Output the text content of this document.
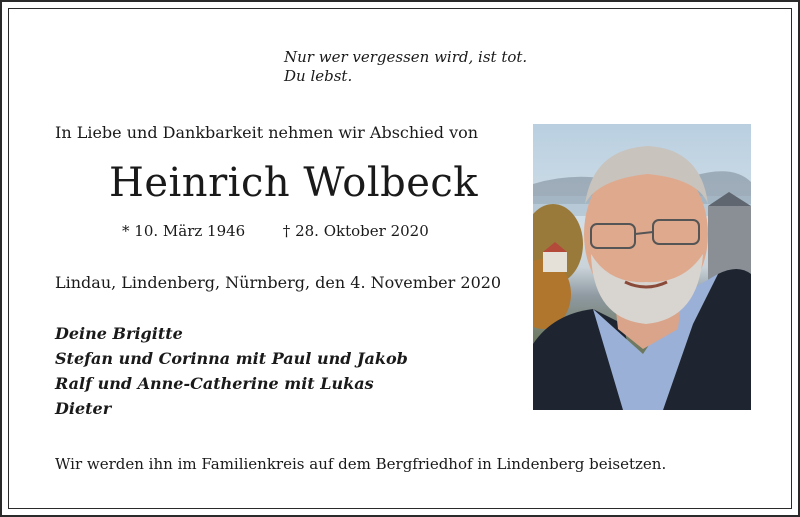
Nur wer vergessen wird, ist tot.
Du lebst.
In Liebe und Dankbarkeit nehmen wir Abschied von
Heinrich Wolbeck
* 10. März 1946	† 28. Oktober 2020
Lindau, Lindenberg, Nürnberg, den 4. November 2020
Deine Brigitte
Stefan und Corinna mit Paul und Jakob
Ralf und Anne-Catherine mit Lukas
Dieter
Wir werden ihn im Familienkreis auf dem Bergfriedhof in Lindenberg beisetzen.
